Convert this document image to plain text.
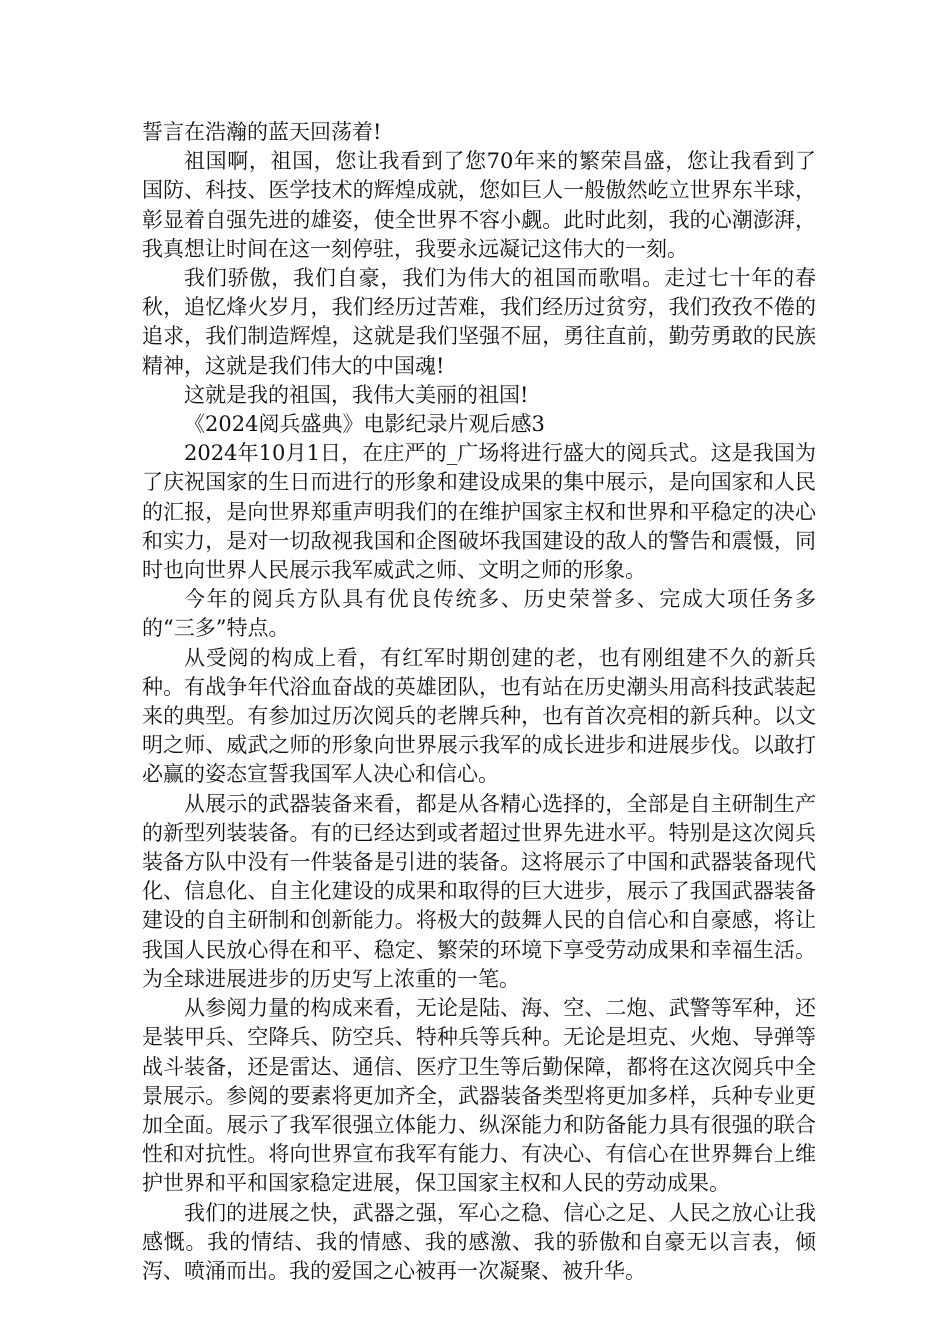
誓言在浩瀚的蓝天回荡着!

祖国啊，祖国，您让我看到了您70年来的繁荣昌盛，您让我看到了国防、科技、医学技术的辉煌成就，您如巨人一般傲然屹立世界东半球，彰显着自强先进的雄姿，使全世界不容小觑。此时此刻，我的心潮澎湃，我真想让时间在这一刻停驻，我要永远凝记这伟大的一刻。

我们骄傲，我们自豪，我们为伟大的祖国而歌唱。走过七十年的春秋，追忆烽火岁月，我们经历过苦难，我们经历过贫穷，我们孜孜不倦的追求，我们制造辉煌，这就是我们坚强不屈，勇往直前，勤劳勇敢的民族精神，这就是我们伟大的中国魂!

这就是我的祖国，我伟大美丽的祖国!

《2024阅兵盛典》电影纪录片观后感3

2024年10月1日，在庄严的_广场将进行盛大的阅兵式。这是我国为了庆祝国家的生日而进行的形象和建设成果的集中展示，是向国家和人民的汇报，是向世界郑重声明我们的在维护国家主权和世界和平稳定的决心和实力，是对一切敌视我国和企图破坏我国建设的敌人的警告和震慑，同时也向世界人民展示我军威武之师、文明之师的形象。

今年的阅兵方队具有优良传统多、历史荣誉多、完成大项任务多的“三多”特点。

从受阅的构成上看，有红军时期创建的老，也有刚组建不久的新兵种。有战争年代浴血奋战的英雄团队，也有站在历史潮头用高科技武装起来的典型。有参加过历次阅兵的老牌兵种，也有首次亮相的新兵种。以文明之师、威武之师的形象向世界展示我军的成长进步和进展步伐。以敢打必赢的姿态宣誓我国军人决心和信心。

从展示的武器装备来看，都是从各精心选择的，全部是自主研制生产的新型列装装备。有的已经达到或者超过世界先进水平。特别是这次阅兵装备方队中没有一件装备是引进的装备。这将展示了中国和武器装备现代化、信息化、自主化建设的成果和取得的巨大进步，展示了我国武器装备建设的自主研制和创新能力。将极大的鼓舞人民的自信心和自豪感，将让我国人民放心得在和平、稳定、繁荣的环境下享受劳动成果和幸福生活。为全球进展进步的历史写上浓重的一笔。

从参阅力量的构成来看，无论是陆、海、空、二炮、武警等军种，还是装甲兵、空降兵、防空兵、特种兵等兵种。无论是坦克、火炮、导弹等战斗装备，还是雷达、通信、医疗卫生等后勤保障，都将在这次阅兵中全景展示。参阅的要素将更加齐全，武器装备类型将更加多样，兵种专业更加全面。展示了我军很强立体能力、纵深能力和防备能力具有很强的联合性和对抗性。将向世界宣布我军有能力、有决心、有信心在世界舞台上维护世界和平和国家稳定进展，保卫国家主权和人民的劳动成果。

我们的进展之快，武器之强，军心之稳、信心之足、人民之放心让我感慨。我的情结、我的情感、我的感激、我的骄傲和自豪无以言表，倾泻、喷涌而出。我的爱国之心被再一次凝聚、被升华。
